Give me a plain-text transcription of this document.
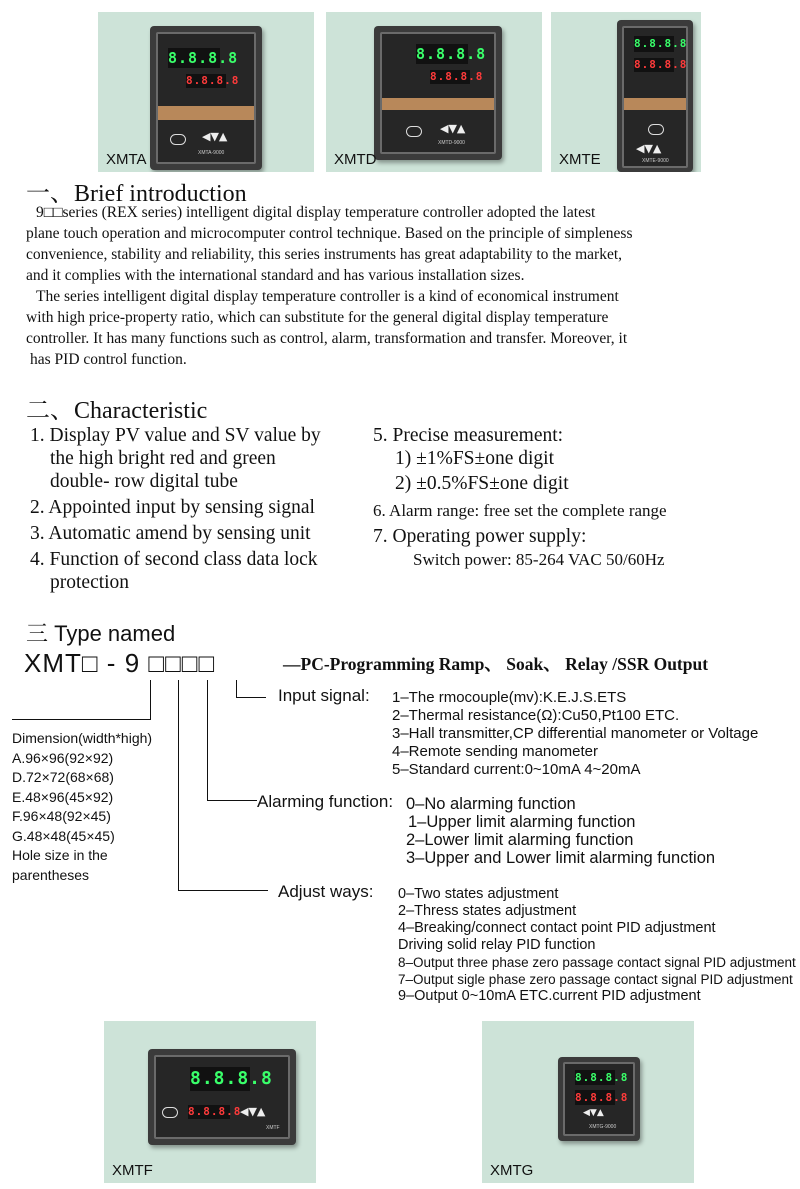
8.8.8.8
8.8.8.8
◀▼▲
XMTA-9000
XMTA
8.8.8.8
8.8.8.8
◀▼▲
XMTD-9000
XMTD
8.8.8.8
8.8.8.8
◀▼▲
XMTE-9000
XMTE
一、Brief introduction
9□□series (REX series) intelligent digital display temperature controller adopted the latest
plane touch operation and microcomputer control technique. Based on the principle of simpleness
convenience, stability and reliability, this series instruments has great adaptability to the market,
and it complies with the international standard and has various installation sizes.
The series intelligent digital display temperature controller is a kind of economical instrument
with high price-property ratio, which can substitute for the general digital display temperature
controller. It has many functions such as control, alarm, transformation and transfer. Moreover, it
has PID control function.
二、Characteristic
1. Display PV value and SV value by
the high bright red and green
double- row digital tube
2. Appointed input by sensing signal
3. Automatic amend by sensing unit
4. Function of second class data lock
protection
5. Precise measurement:
1) ±1%FS±one digit
2) ±0.5%FS±one digit
6. Alarm range: free set the complete range
7. Operating power supply:
Switch power: 85-264 VAC 50/60Hz
三 Type named
XMT□ - 9 □□□□	—PC-Programming Ramp、 Soak、 Relay /SSR Output
Input signal: 1–The rmocouple(mv):K.E.J.S.ETS
2–Thermal resistance(Ω):Cu50,Pt100 ETC.
3–Hall transmitter,CP differential manometer or Voltage
4–Remote sending manometer
5–Standard current:0~10mA 4~20mA
Alarming function: 0–No alarming function
1–Upper limit alarming function
2–Lower limit alarming function
3–Upper and Lower limit alarming function
Dimension(width*high)
A.96×96(92×92)
D.72×72(68×68)
E.48×96(45×92)
F.96×48(92×45)
G.48×48(45×45)
Hole size in the
parentheses
Adjust ways: 0–Two states adjustment
2–Thress states adjustment
4–Breaking/connect contact point PID adjustment
Driving solid relay PID function
8–Output three phase zero passage contact signal PID adjustment
7–Output sigle phase zero passage contact signal PID adjustment
9–Output 0~10mA ETC.current PID adjustment
8.8.8.8
8.8.8.8
◀▼▲
XMTF
XMTF
8.8.8.8
8.8.8.8
◀▼▲
XMTG-9000
XMTG
